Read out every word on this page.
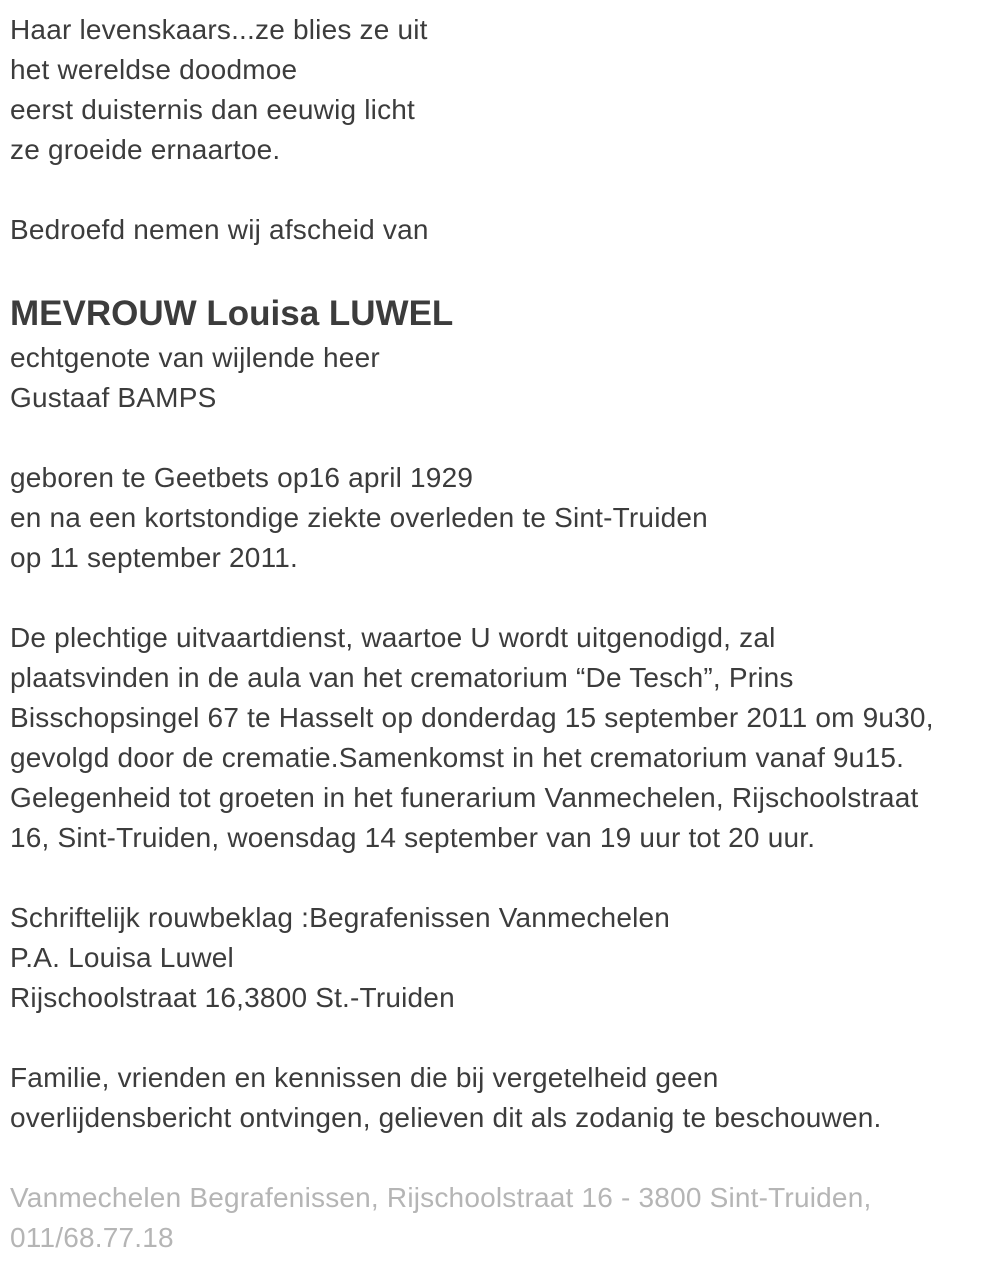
Haar levenskaars...ze blies ze uit
het wereldse doodmoe
eerst duisternis dan eeuwig licht
ze groeide ernaartoe.
Bedroefd nemen wij afscheid van
MEVROUW Louisa LUWEL
echtgenote van wijlende heer
Gustaaf BAMPS
geboren te Geetbets op16 april 1929
en na een kortstondige ziekte overleden te Sint-Truiden
op 11 september 2011.
De plechtige uitvaartdienst, waartoe U wordt uitgenodigd, zal
plaatsvinden in de aula van het crematorium “De Tesch”, Prins
Bisschopsingel 67 te Hasselt op donderdag 15 september 2011 om 9u30,
gevolgd door de crematie.Samenkomst in het crematorium vanaf 9u15.
Gelegenheid tot groeten in het funerarium Vanmechelen, Rijschoolstraat
16, Sint-Truiden, woensdag 14 september van 19 uur tot 20 uur.
Schriftelijk rouwbeklag :Begrafenissen Vanmechelen
P.A. Louisa Luwel
Rijschoolstraat 16,3800 St.-Truiden
Familie, vrienden en kennissen die bij vergetelheid geen
overlijdensbericht ontvingen, gelieven dit als zodanig te beschouwen.
Vanmechelen Begrafenissen, Rijschoolstraat 16 - 3800 Sint-Truiden,
011/68.77.18
